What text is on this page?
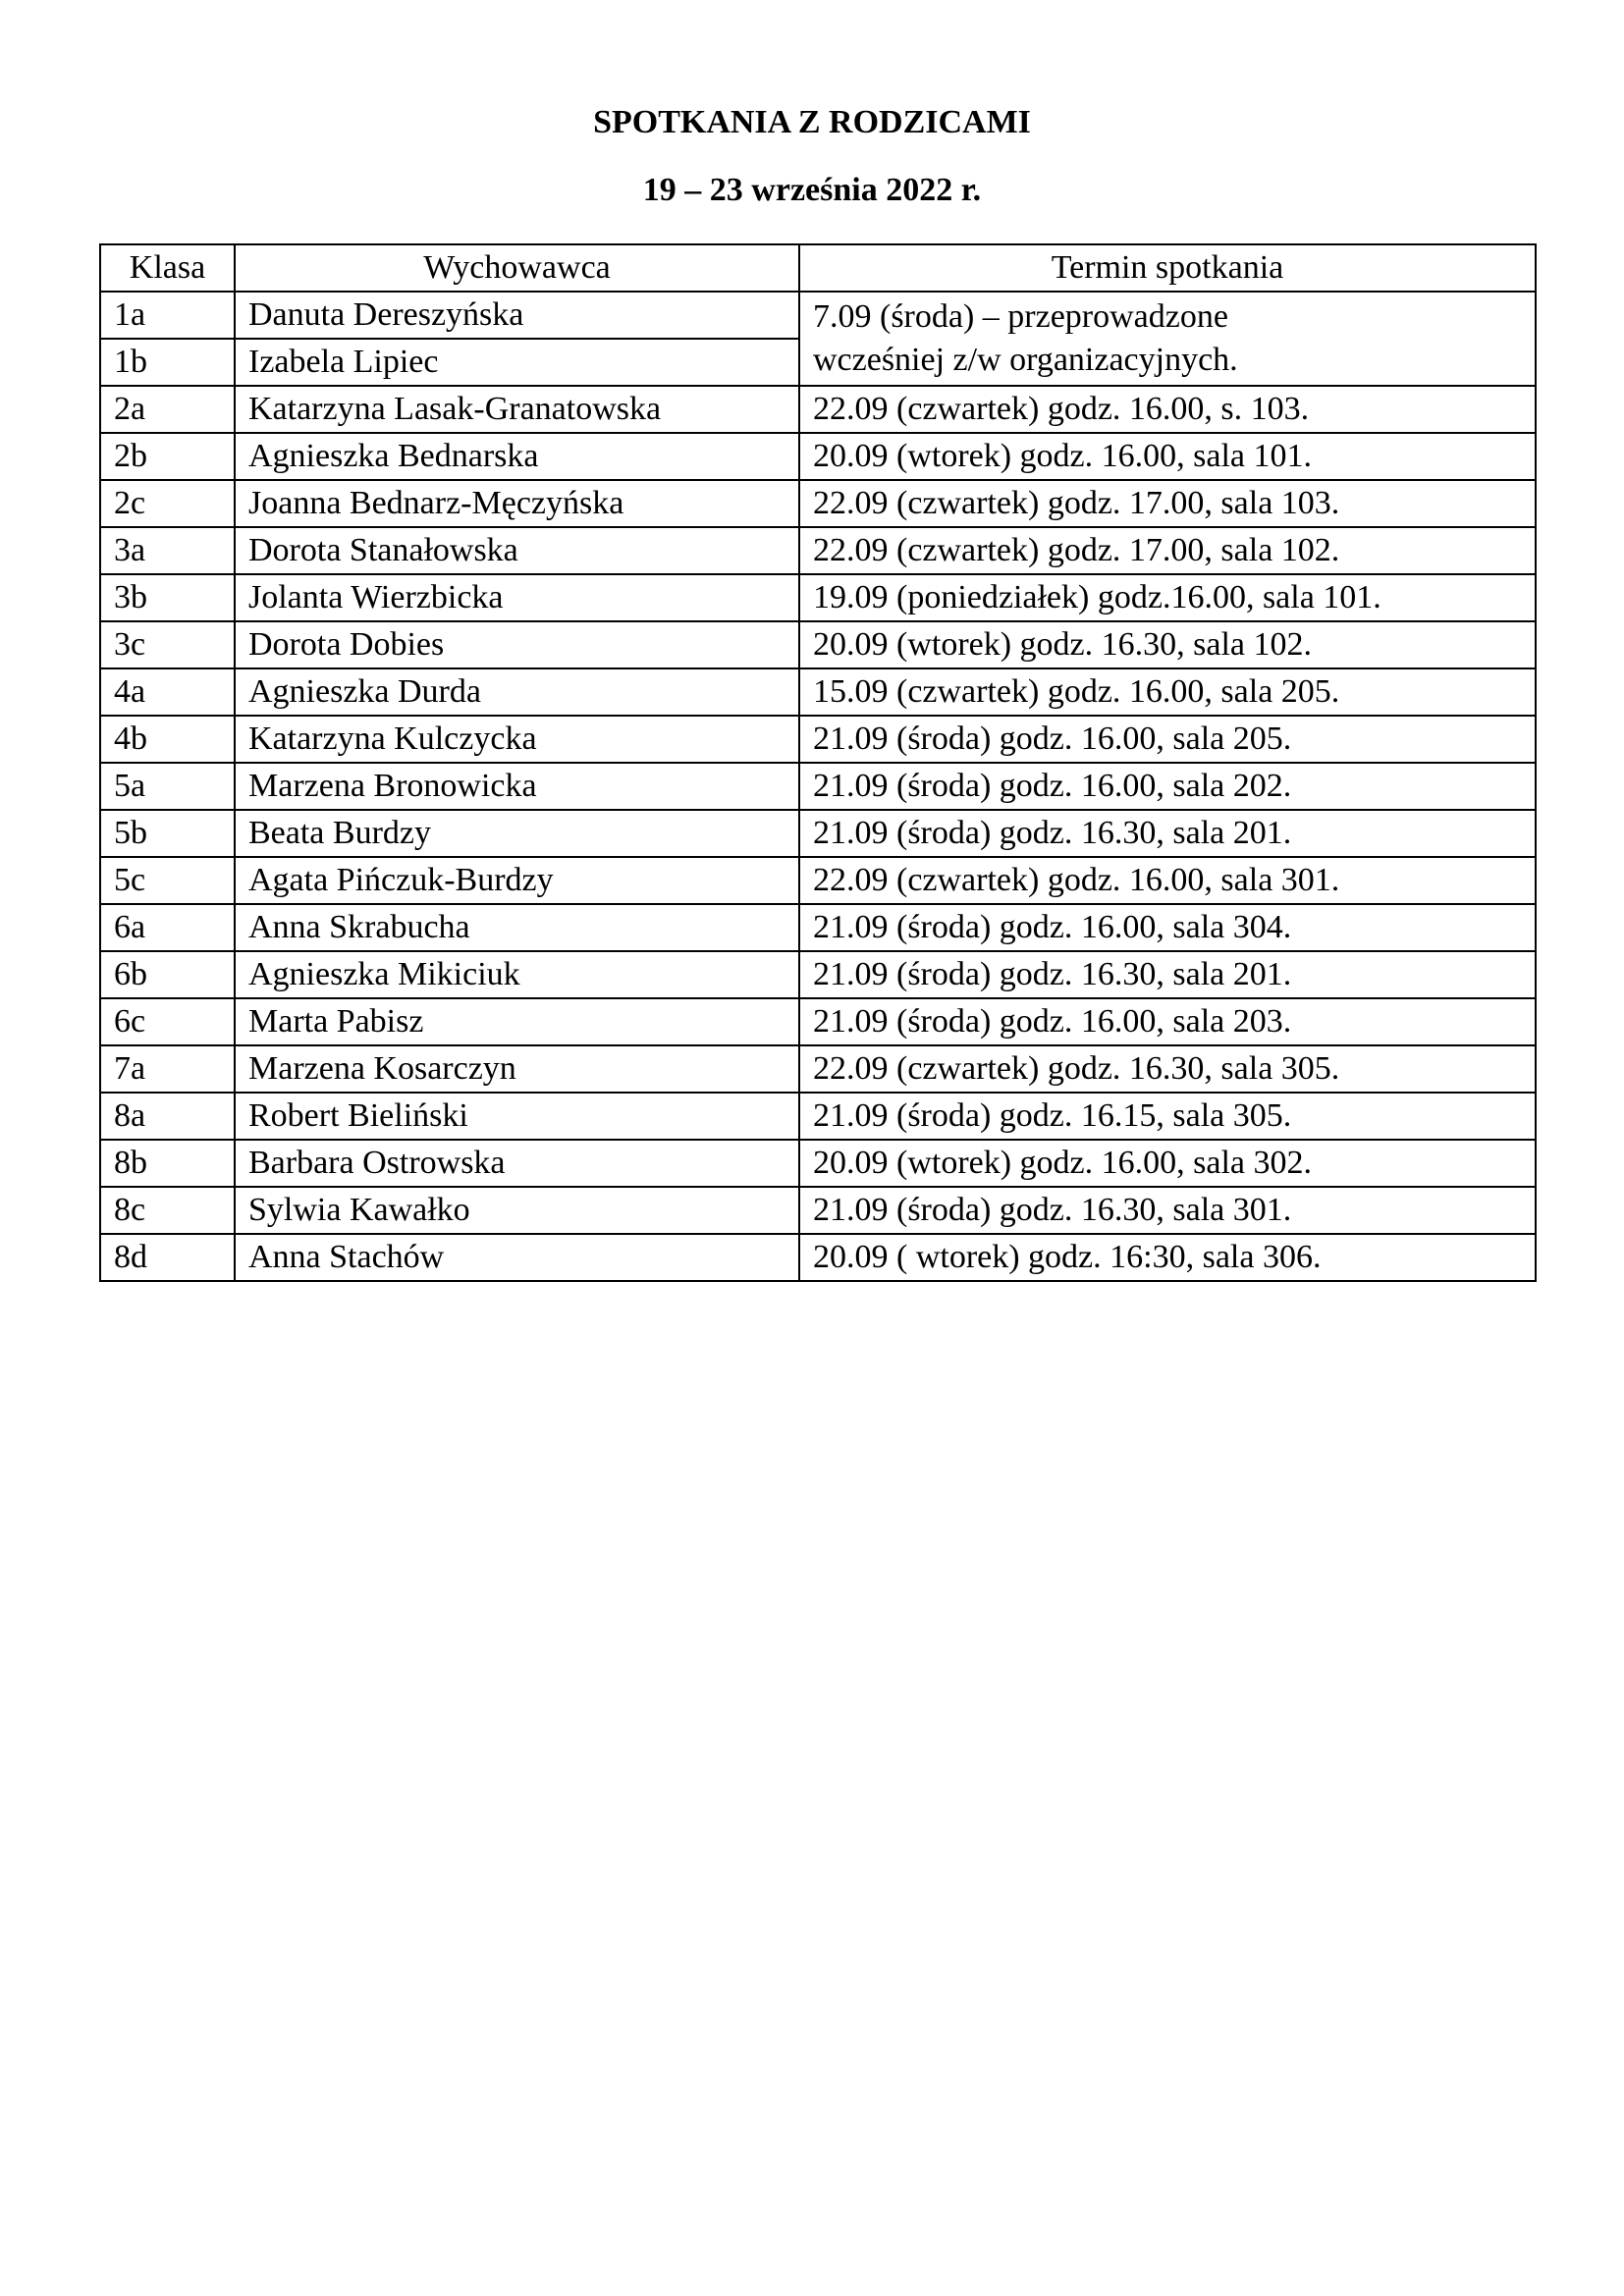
SPOTKANIA Z RODZICAMI
19 – 23 września 2022 r.
Klasa	Wychowawca	Termin spotkania
1a	Danuta Dereszyńska	7.09 (środa) – przeprowadzone
wcześniej z/w organizacyjnych.

1b	Izabela Lipiec	
2a	Katarzyna Lasak-Granatowska	22.09 (czwartek) godz. 16.00, s. 103.
2b	Agnieszka Bednarska	20.09 (wtorek) godz. 16.00, sala 101.
2c	Joanna Bednarz-Męczyńska	22.09 (czwartek) godz. 17.00, sala 103.
3a	Dorota Stanałowska	22.09 (czwartek) godz. 17.00, sala 102.
3b	Jolanta Wierzbicka	19.09 (poniedziałek) godz.16.00, sala 101.
3c	Dorota Dobies	20.09 (wtorek) godz. 16.30, sala 102.
4a	Agnieszka Durda	15.09 (czwartek) godz. 16.00, sala 205.
4b	Katarzyna Kulczycka	21.09 (środa) godz. 16.00, sala 205.
5a	Marzena Bronowicka	21.09 (środa) godz. 16.00, sala 202.
5b	Beata Burdzy	21.09 (środa) godz. 16.30, sala 201.
5c	Agata Pińczuk-Burdzy	22.09 (czwartek) godz. 16.00, sala 301.
6a	Anna Skrabucha	21.09 (środa) godz. 16.00, sala 304.
6b	Agnieszka Mikiciuk	21.09 (środa) godz. 16.30, sala 201.
6c	Marta Pabisz	21.09 (środa) godz. 16.00, sala 203.
7a	Marzena Kosarczyn	22.09 (czwartek) godz. 16.30, sala 305.
8a	Robert Bieliński	21.09 (środa) godz. 16.15, sala 305.
8b	Barbara Ostrowska	20.09 (wtorek) godz. 16.00, sala 302.
8c	Sylwia Kawałko	21.09 (środa) godz. 16.30, sala 301.
8d	Anna Stachów	20.09 ( wtorek) godz. 16:30, sala 306.
